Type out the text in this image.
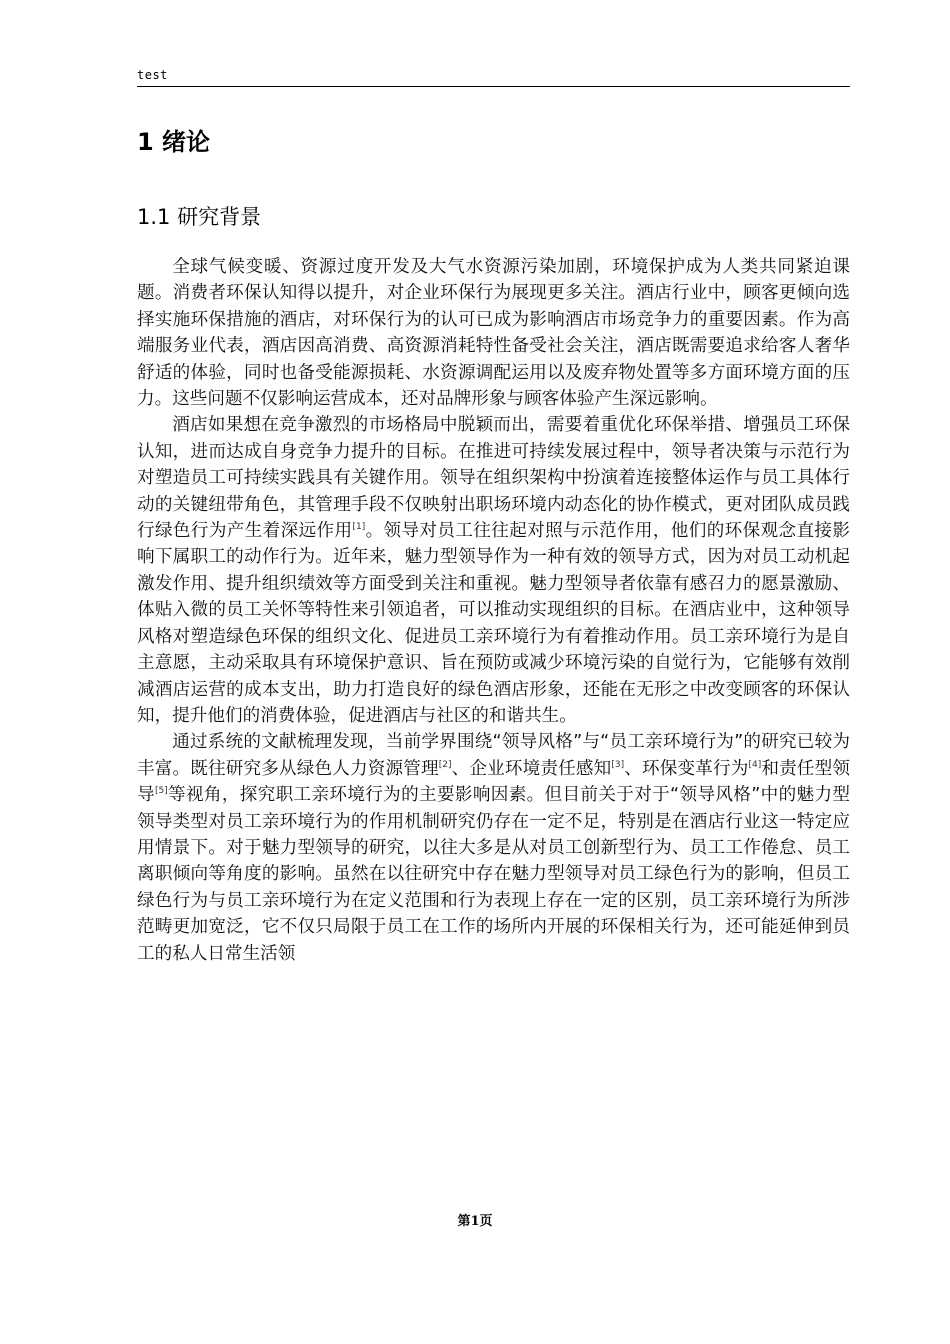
test
1 绪论
1.1 研究背景

全球气候变暖、资源过度开发及大气水资源污染加剧，环境保护成为人类共同紧迫课题。消费者环保认知得以提升，对企业环保行为展现更多关注。酒店行业中，顾客更倾向选择实施环保措施的酒店，对环保行为的认可已成为影响酒店市场竞争力的重要因素。作为高端服务业代表，酒店因高消费、高资源消耗特性备受社会关注，酒店既需要追求给客人奢华舒适的体验，同时也备受能源损耗、水资源调配运用以及废弃物处置等多方面环境方面的压力。这些问题不仅影响运营成本，还对品牌形象与顾客体验产生深远影响。

酒店如果想在竞争激烈的市场格局中脱颖而出，需要着重优化环保举措、增强员工环保认知，进而达成自身竞争力提升的目标。在推进可持续发展过程中，领导者决策与示范行为对塑造员工可持续实践具有关键作用。领导在组织架构中扮演着连接整体运作与员工具体行动的关键纽带角色，其管理手段不仅映射出职场环境内动态化的协作模式，更对团队成员践行绿色行为产生着深远作用[1]。领导对员工往往起对照与示范作用，他们的环保观念直接影响下属职工的动作行为。近年来，魅力型领导作为一种有效的领导方式，因为对员工动机起激发作用、提升组织绩效等方面受到关注和重视。魅力型领导者依靠有感召力的愿景激励、体贴入微的员工关怀等特性来引领追者，可以推动实现组织的目标。在酒店业中，这种领导风格对塑造绿色环保的组织文化、促进员工亲环境行为有着推动作用。员工亲环境行为是自主意愿，主动采取具有环境保护意识、旨在预防或减少环境污染的自觉行为，它能够有效削减酒店运营的成本支出，助力打造良好的绿色酒店形象，还能在无形之中改变顾客的环保认知，提升他们的消费体验，促进酒店与社区的和谐共生。

通过系统的文献梳理发现，当前学界围绕“领导风格”与“员工亲环境行为”的研究已较为丰富。既往研究多从绿色人力资源管理[2]、企业环境责任感知[3]、环保变革行为[4]和责任型领导[5]等视角，探究职工亲环境行为的主要影响因素。但目前关于对于“领导风格”中的魅力型领导类型对员工亲环境行为的作用机制研究仍存在一定不足，特别是在酒店行业这一特定应用情景下。对于魅力型领导的研究，以往大多是从对员工创新型行为、员工工作倦怠、员工离职倾向等角度的影响。虽然在以往研究中存在魅力型领导对员工绿色行为的影响，但员工绿色行为与员工亲环境行为在定义范围和行为表现上存在一定的区别，员工亲环境行为所涉范畴更加宽泛，它不仅只局限于员工在工作的场所内开展的环保相关行为，还可能延伸到员工的私人日常生活领

第1页
